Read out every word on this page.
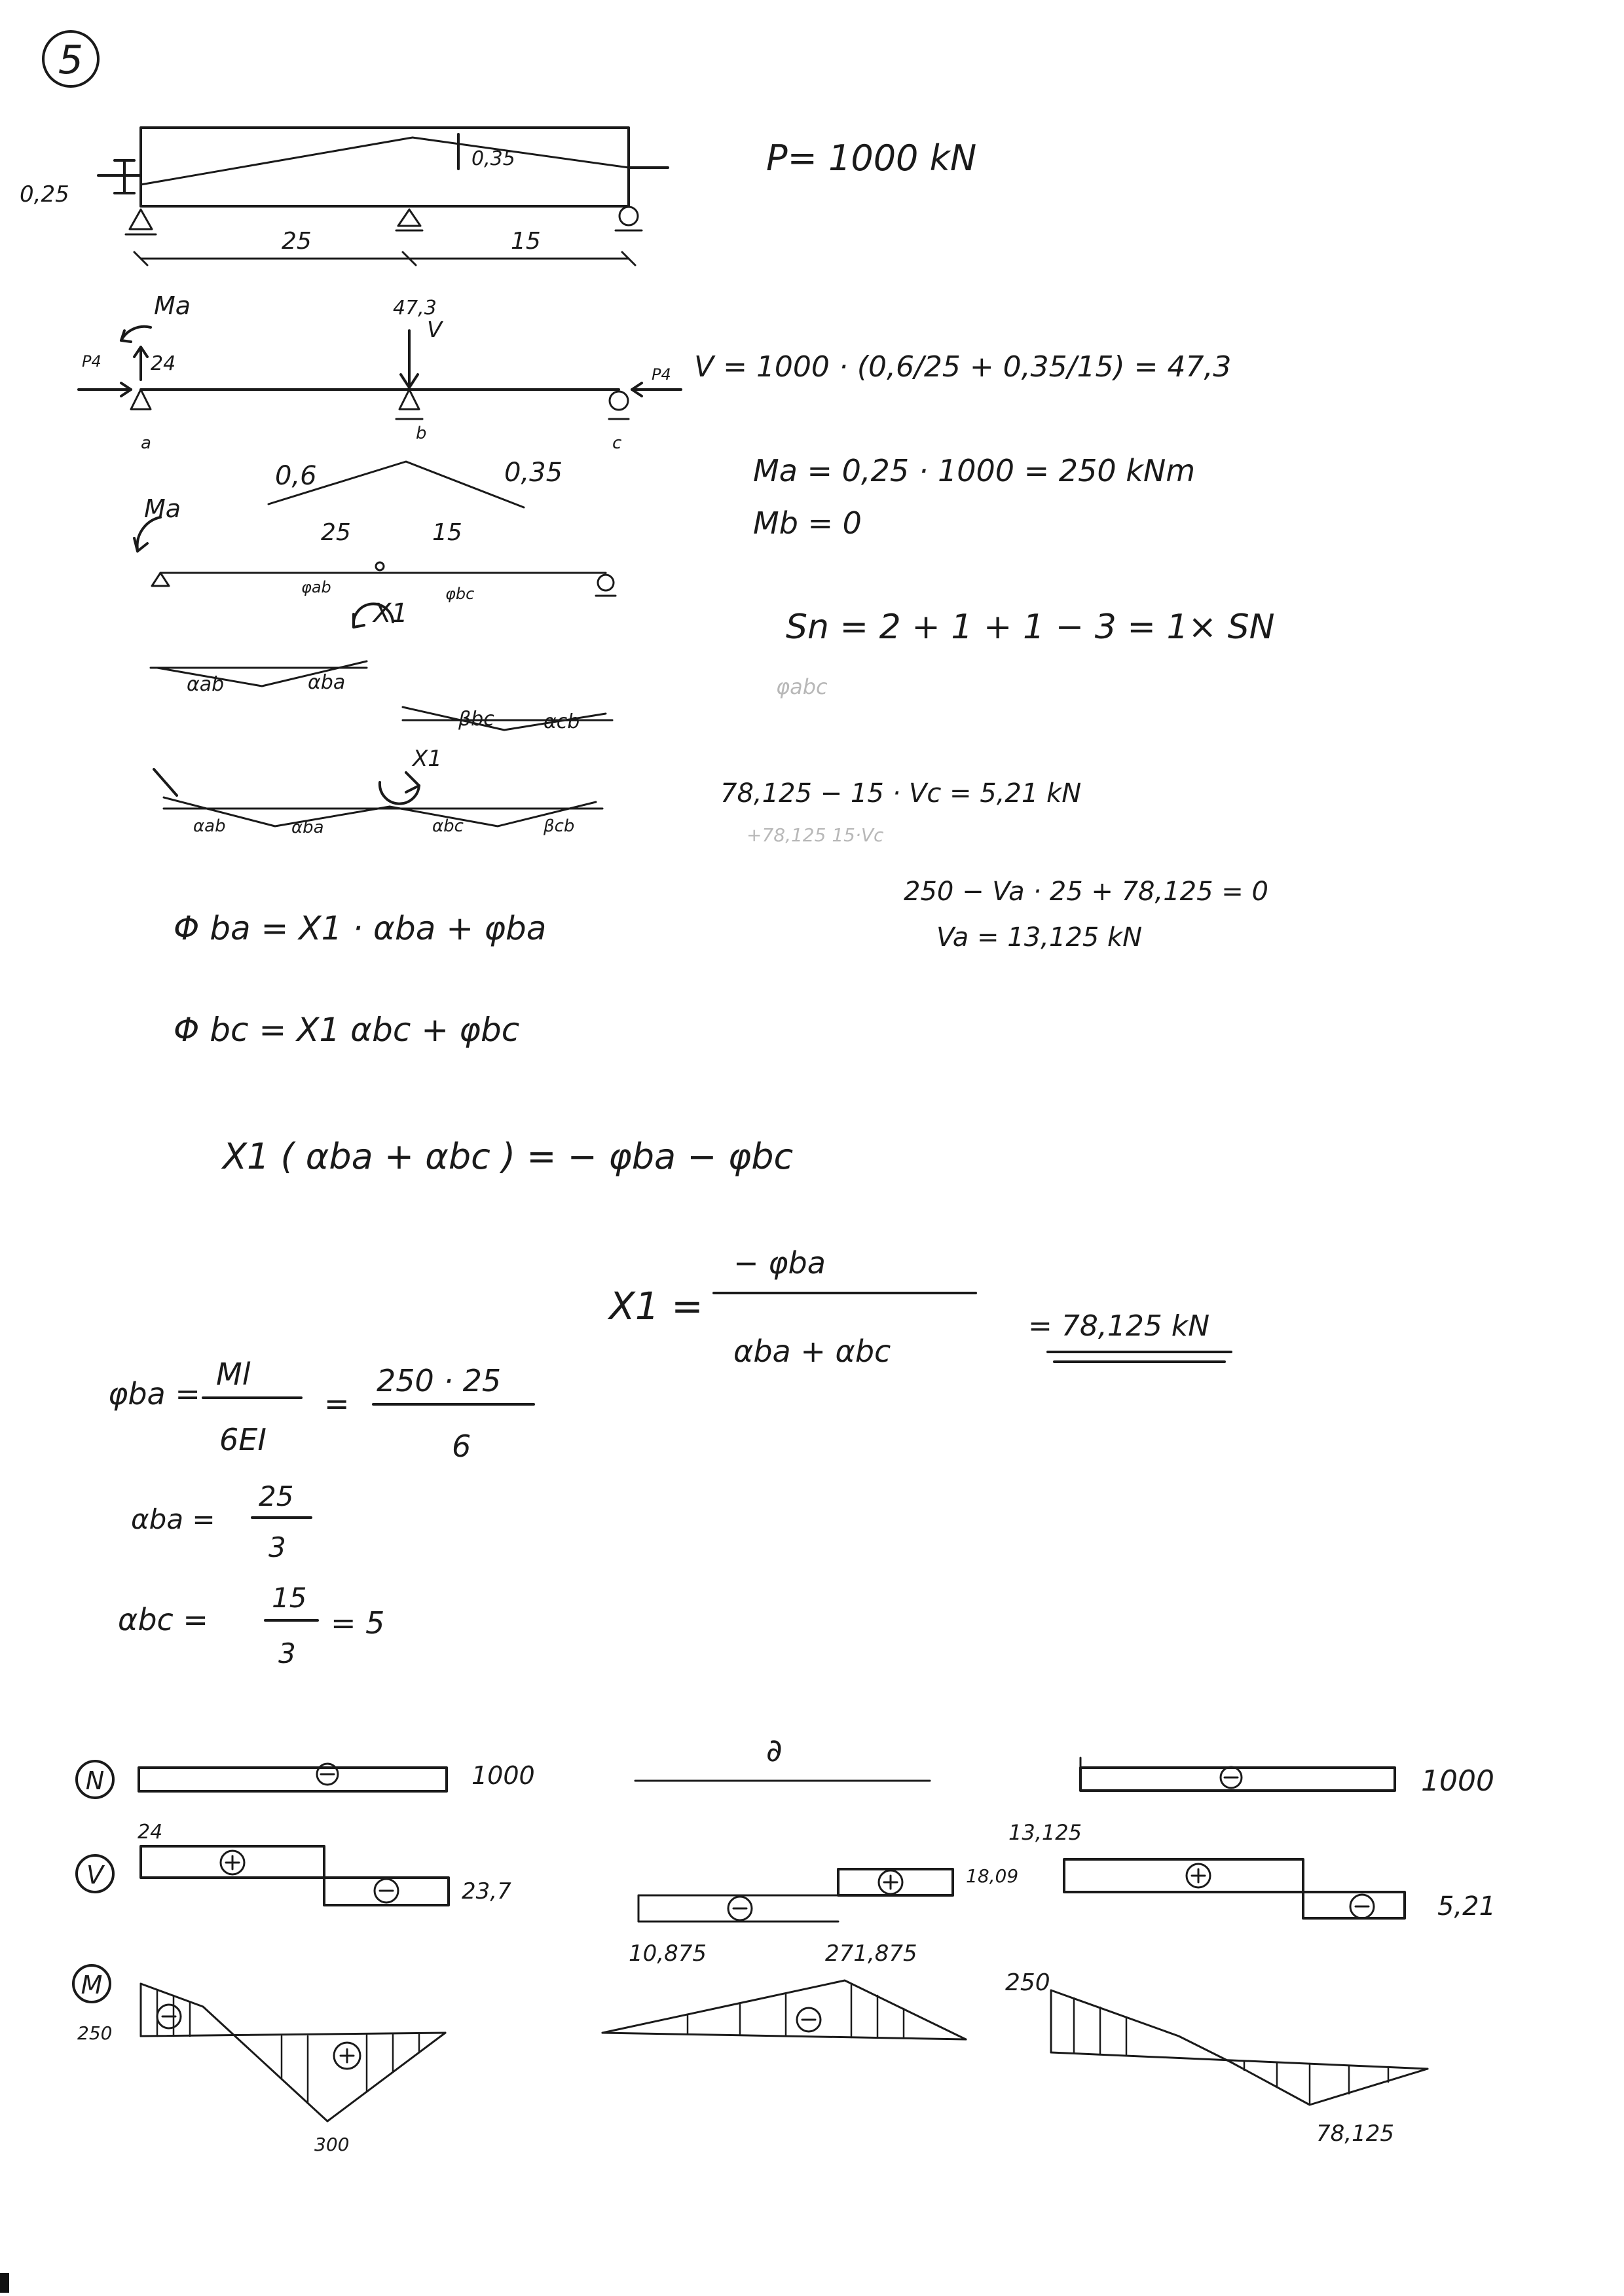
5
0,25
0,35
25	15
P= 1000 kN
Ma	47,3
V
24
P4
P4
a	b	c
V = 1000 · (0,6/25 + 0,35/15) = 47,3
0,6	0,35
25	15
Ma
Ma = 0,25 · 1000 = 250 kNm
Mb = 0
Sn = 2 + 1 + 1 − 3 = 1× SN
φabc
φab	φbc
X1
αab	αba
βbc	αcb
X1
αab	αba	αbc	βcb
78,125 − 15 · Vc = 5,21 kN
+78,125 15·Vc
250 − Va · 25 + 78,125 = 0
Va = 13,125 kN
Φ ba = X1 · αba + φba
Φ bc = X1 αbc + φbc
X1 ( αba + αbc ) = − φba − φbc
X1 =
− φba
αba + αbc
= 78,125 kN
φba =
Ml
6EI
=
250 · 25
6
αba =
25
3
αbc =
15
3
= 5
N	1000
∂
1000
V
24
23,7
10,875	271,875
18,09
13,125
5,21
M
250
300
250
78,125
